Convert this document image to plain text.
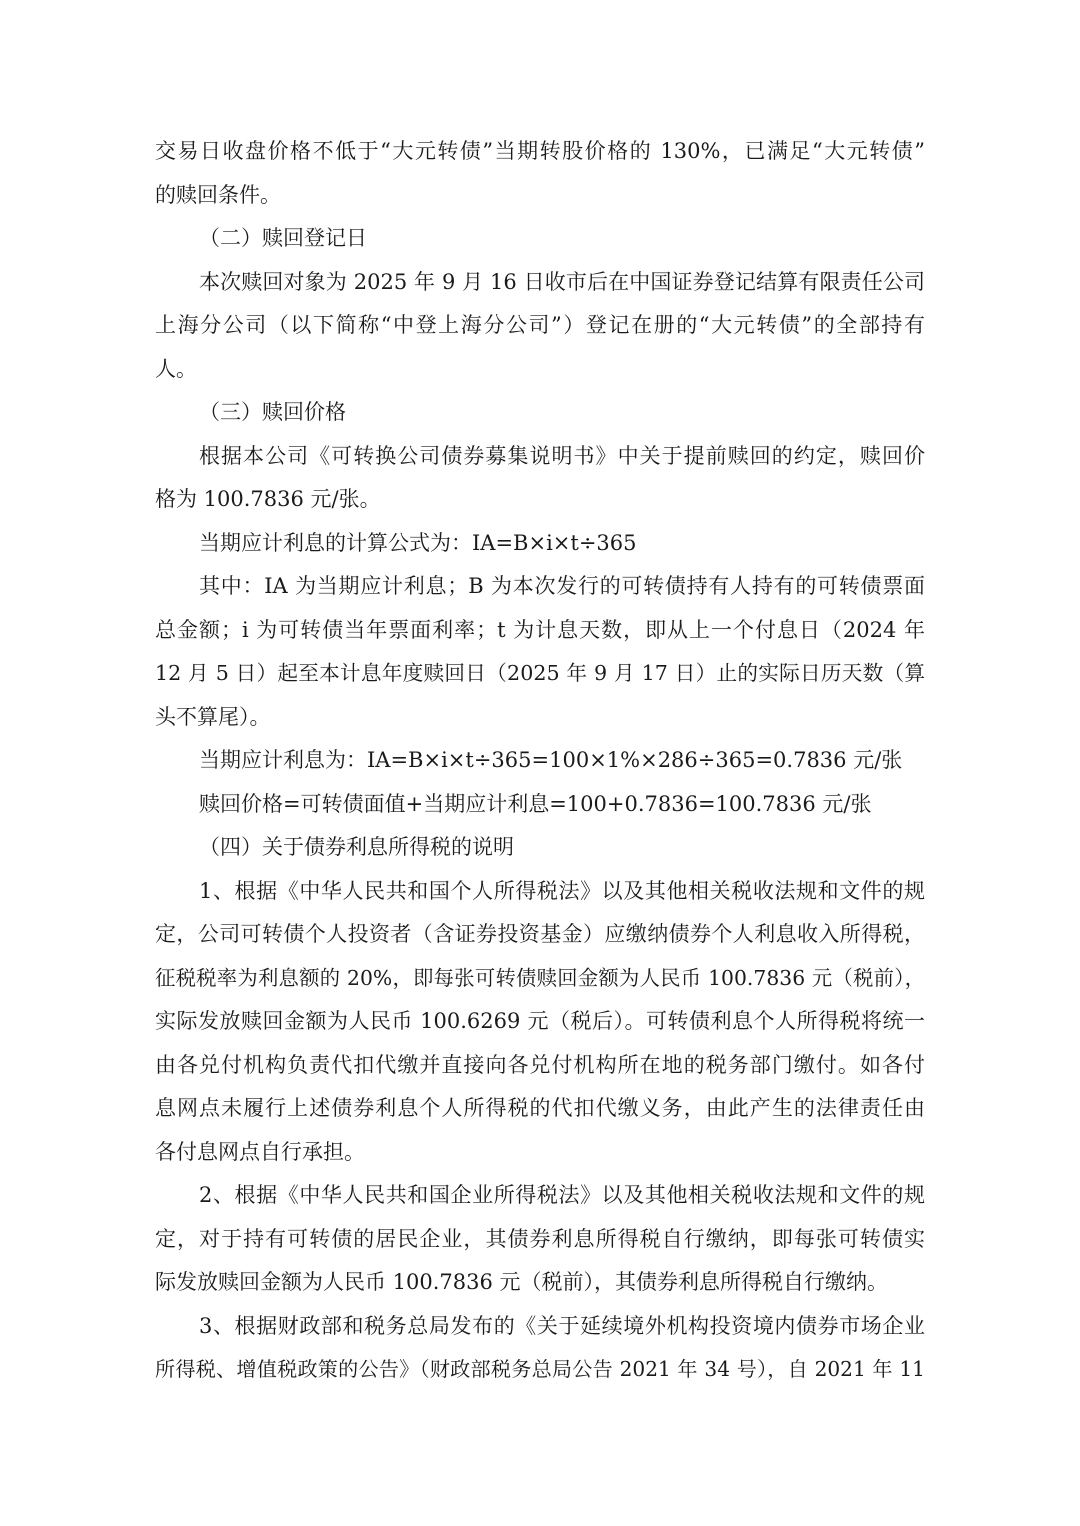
交易日收盘价格不低于“大元转债”当期转股价格的 130%，已满足“大元转债”
的赎回条件。
（二）赎回登记日
本次赎回对象为 2025 年 9 月 16 日收市后在中国证券登记结算有限责任公司
上海分公司（以下简称“中登上海分公司”）登记在册的“大元转债”的全部持有
人。
（三）赎回价格
根据本公司《可转换公司债券募集说明书》中关于提前赎回的约定，赎回价
格为 100.7836 元/张。
当期应计利息的计算公式为：IA=B×i×t÷365
其中：IA 为当期应计利息；B 为本次发行的可转债持有人持有的可转债票面
总金额；i 为可转债当年票面利率；t 为计息天数，即从上一个付息日（2024 年
12 月 5 日）起至本计息年度赎回日（2025 年 9 月 17 日）止的实际日历天数（算
头不算尾）。
当期应计利息为：IA=B×i×t÷365=100×1%×286÷365=0.7836 元/张
赎回价格=可转债面值+当期应计利息=100+0.7836=100.7836 元/张
（四）关于债券利息所得税的说明
1、根据《中华人民共和国个人所得税法》以及其他相关税收法规和文件的规
定，公司可转债个人投资者（含证券投资基金）应缴纳债券个人利息收入所得税，
征税税率为利息额的 20%，即每张可转债赎回金额为人民币 100.7836 元（税前），
实际发放赎回金额为人民币 100.6269 元（税后）。可转债利息个人所得税将统一
由各兑付机构负责代扣代缴并直接向各兑付机构所在地的税务部门缴付。如各付
息网点未履行上述债券利息个人所得税的代扣代缴义务，由此产生的法律责任由
各付息网点自行承担。
2、根据《中华人民共和国企业所得税法》以及其他相关税收法规和文件的规
定，对于持有可转债的居民企业，其债券利息所得税自行缴纳，即每张可转债实
际发放赎回金额为人民币 100.7836 元（税前），其债券利息所得税自行缴纳。
3、根据财政部和税务总局发布的《关于延续境外机构投资境内债券市场企业
所得税、增值税政策的公告》（财政部税务总局公告 2021 年 34 号），自 2021 年 11
